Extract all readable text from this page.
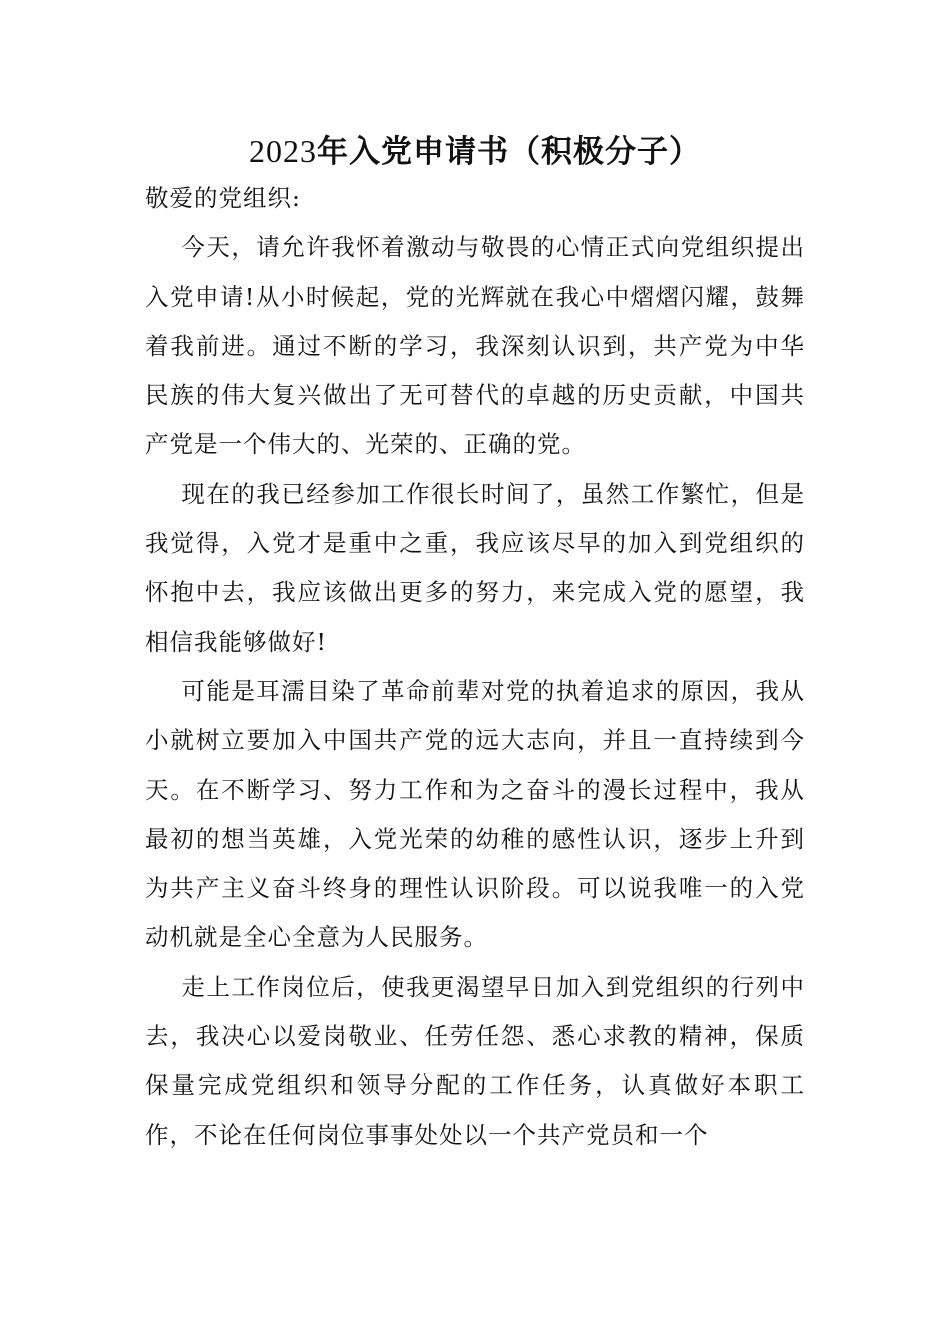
2023年入党申请书（积极分子）

敬爱的党组织:

今天，请允许我怀着激动与敬畏的心情正式向党组织提出入党申请!从小时候起，党的光辉就在我心中熠熠闪耀，鼓舞着我前进。通过不断的学习，我深刻认识到，共产党为中华民族的伟大复兴做出了无可替代的卓越的历史贡献，中国共产党是一个伟大的、光荣的、正确的党。

现在的我已经参加工作很长时间了，虽然工作繁忙，但是我觉得，入党才是重中之重，我应该尽早的加入到党组织的怀抱中去，我应该做出更多的努力，来完成入党的愿望，我相信我能够做好!

可能是耳濡目染了革命前辈对党的执着追求的原因，我从小就树立要加入中国共产党的远大志向，并且一直持续到今天。在不断学习、努力工作和为之奋斗的漫长过程中，我从最初的想当英雄，入党光荣的幼稚的感性认识，逐步上升到为共产主义奋斗终身的理性认识阶段。可以说我唯一的入党动机就是全心全意为人民服务。

走上工作岗位后，使我更渴望早日加入到党组织的行列中去，我决心以爱岗敬业、任劳任怨、悉心求教的精神，保质保量完成党组织和领导分配的工作任务，认真做好本职工作，不论在任何岗位事事处处以一个共产党员和一个
